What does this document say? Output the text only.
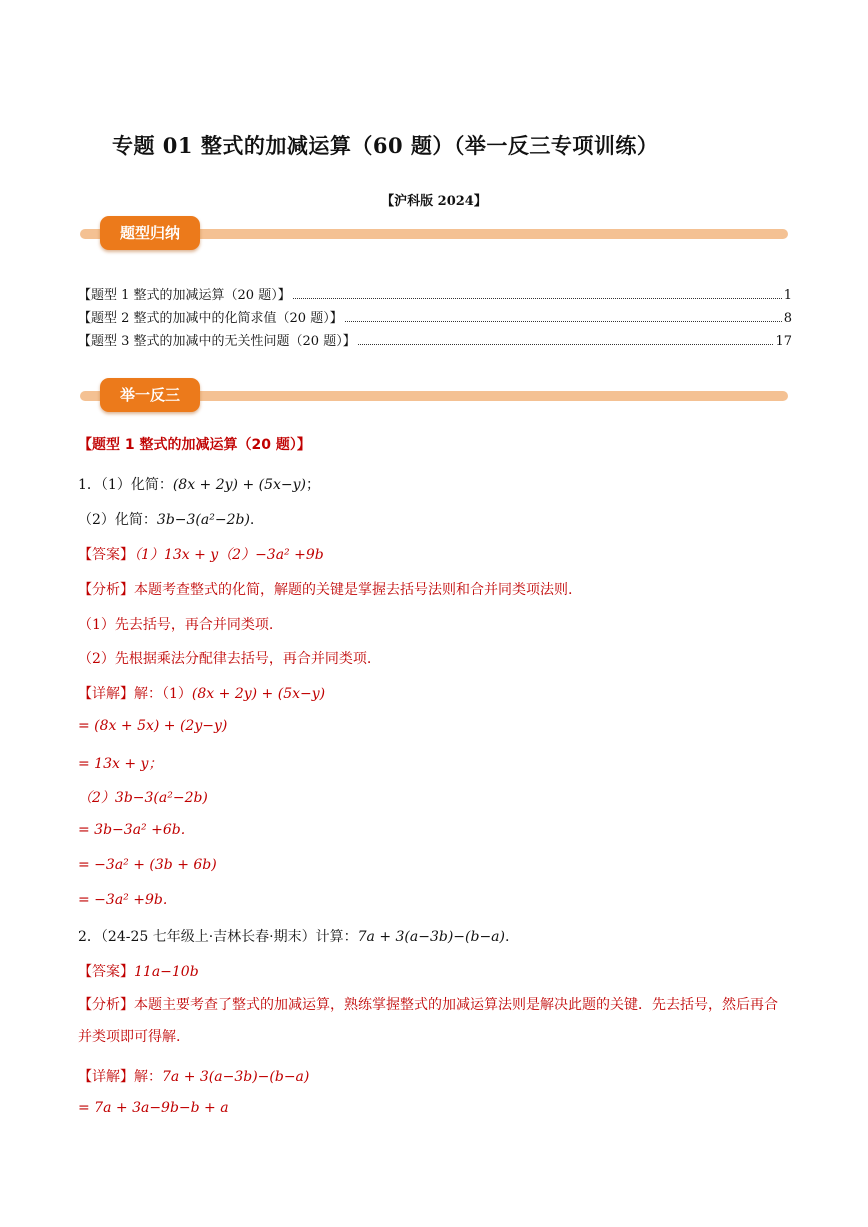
专题 01 整式的加减运算（60 题）（举一反三专项训练）
【沪科版 2024】
题型归纳
【题型 1 整式的加减运算（20 题）】	1
【题型 2 整式的加减中的化简求值（20 题）】	8
【题型 3 整式的加减中的无关性问题（20 题）】	17
举一反三
【题型 1 整式的加减运算（20 题）】
1．（1）化简：(8x + 2y) + (5x−y)；
（2）化简：3b−3(a²−2b).
【答案】（1）13x + y（2）−3a² +9b
【分析】本题考查整式的化简，解题的关键是掌握去括号法则和合并同类项法则.
（1）先去括号，再合并同类项.
（2）先根据乘法分配律去括号，再合并同类项.
【详解】解：（1）(8x + 2y) + (5x−y)
= (8x + 5x) + (2y−y)
= 13x + y；
（2）3b−3(a²−2b)
= 3b−3a² +6b.
= −3a² + (3b + 6b)
= −3a² +9b.
2．（24-25 七年级上·吉林长春·期末）计算：7a + 3(a−3b)−(b−a).
【答案】11a−10b
【分析】本题主要考查了整式的加减运算，熟练掌握整式的加减运算法则是解决此题的关键．先去括号，然后再合并类项即可得解.
【详解】解：7a + 3(a−3b)−(b−a)
= 7a + 3a−9b−b + a
